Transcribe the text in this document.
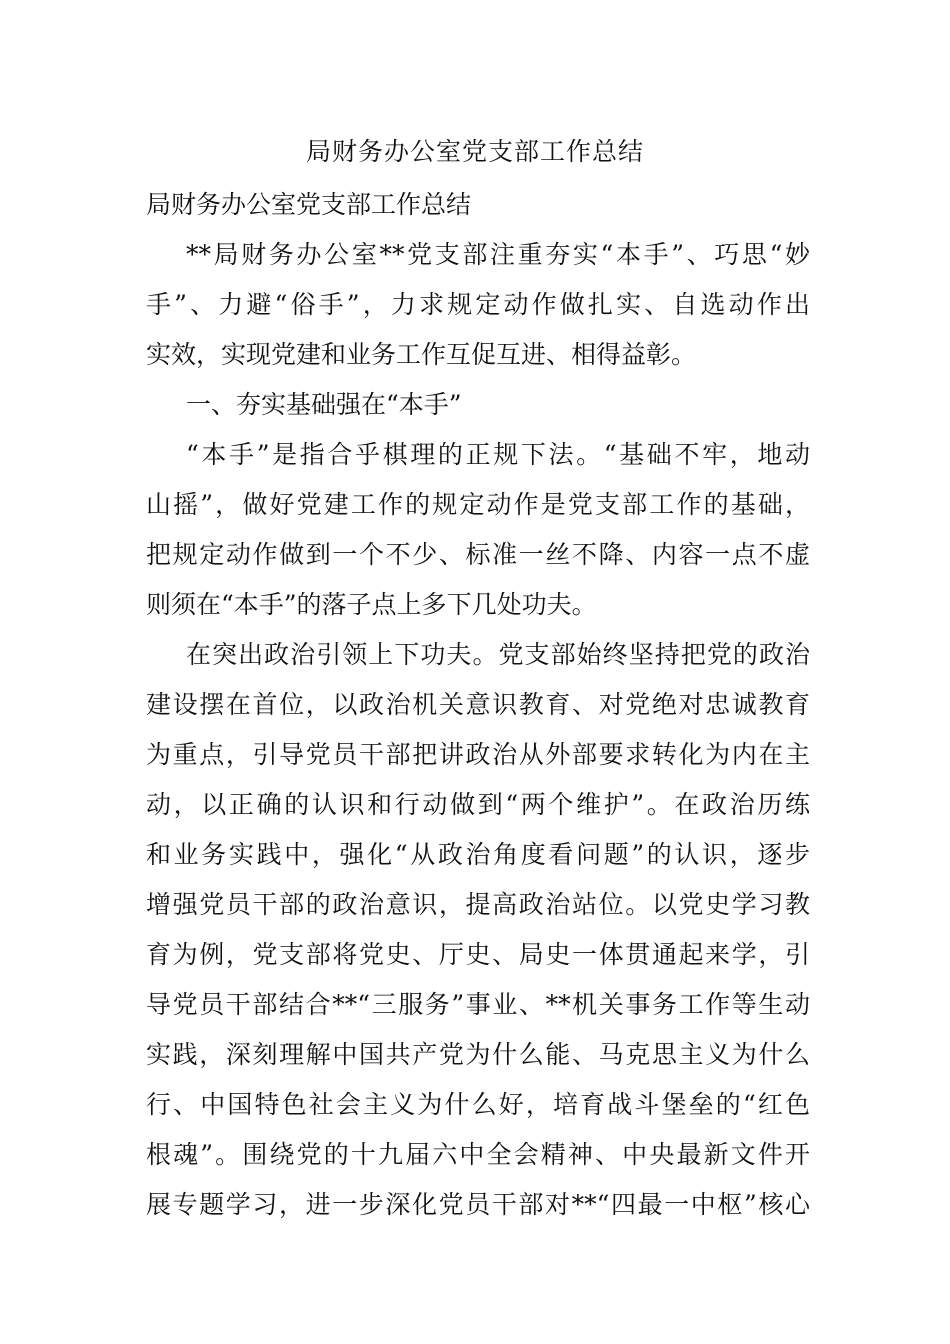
局财务办公室党支部工作总结
局财务办公室党支部工作总结
**局财务办公室**党支部注重夯实“本手”、巧思“妙
手”、力避“俗手”，力求规定动作做扎实、自选动作出
实效，实现党建和业务工作互促互进、相得益彰。
一、夯实基础强在“本手”
“本手”是指合乎棋理的正规下法。“基础不牢，地动
山摇”，做好党建工作的规定动作是党支部工作的基础，
把规定动作做到一个不少、标准一丝不降、内容一点不虚
则须在“本手”的落子点上多下几处功夫。
在突出政治引领上下功夫。党支部始终坚持把党的政治
建设摆在首位，以政治机关意识教育、对党绝对忠诚教育
为重点，引导党员干部把讲政治从外部要求转化为内在主
动，以正确的认识和行动做到“两个维护”。在政治历练
和业务实践中，强化“从政治角度看问题”的认识，逐步
增强党员干部的政治意识，提高政治站位。以党史学习教
育为例，党支部将党史、厅史、局史一体贯通起来学，引
导党员干部结合**“三服务”事业、**机关事务工作等生动
实践，深刻理解中国共产党为什么能、马克思主义为什么
行、中国特色社会主义为什么好，培育战斗堡垒的“红色
根魂”。围绕党的十九届六中全会精神、中央最新文件开
展专题学习，进一步深化党员干部对**“四最一中枢”核心
